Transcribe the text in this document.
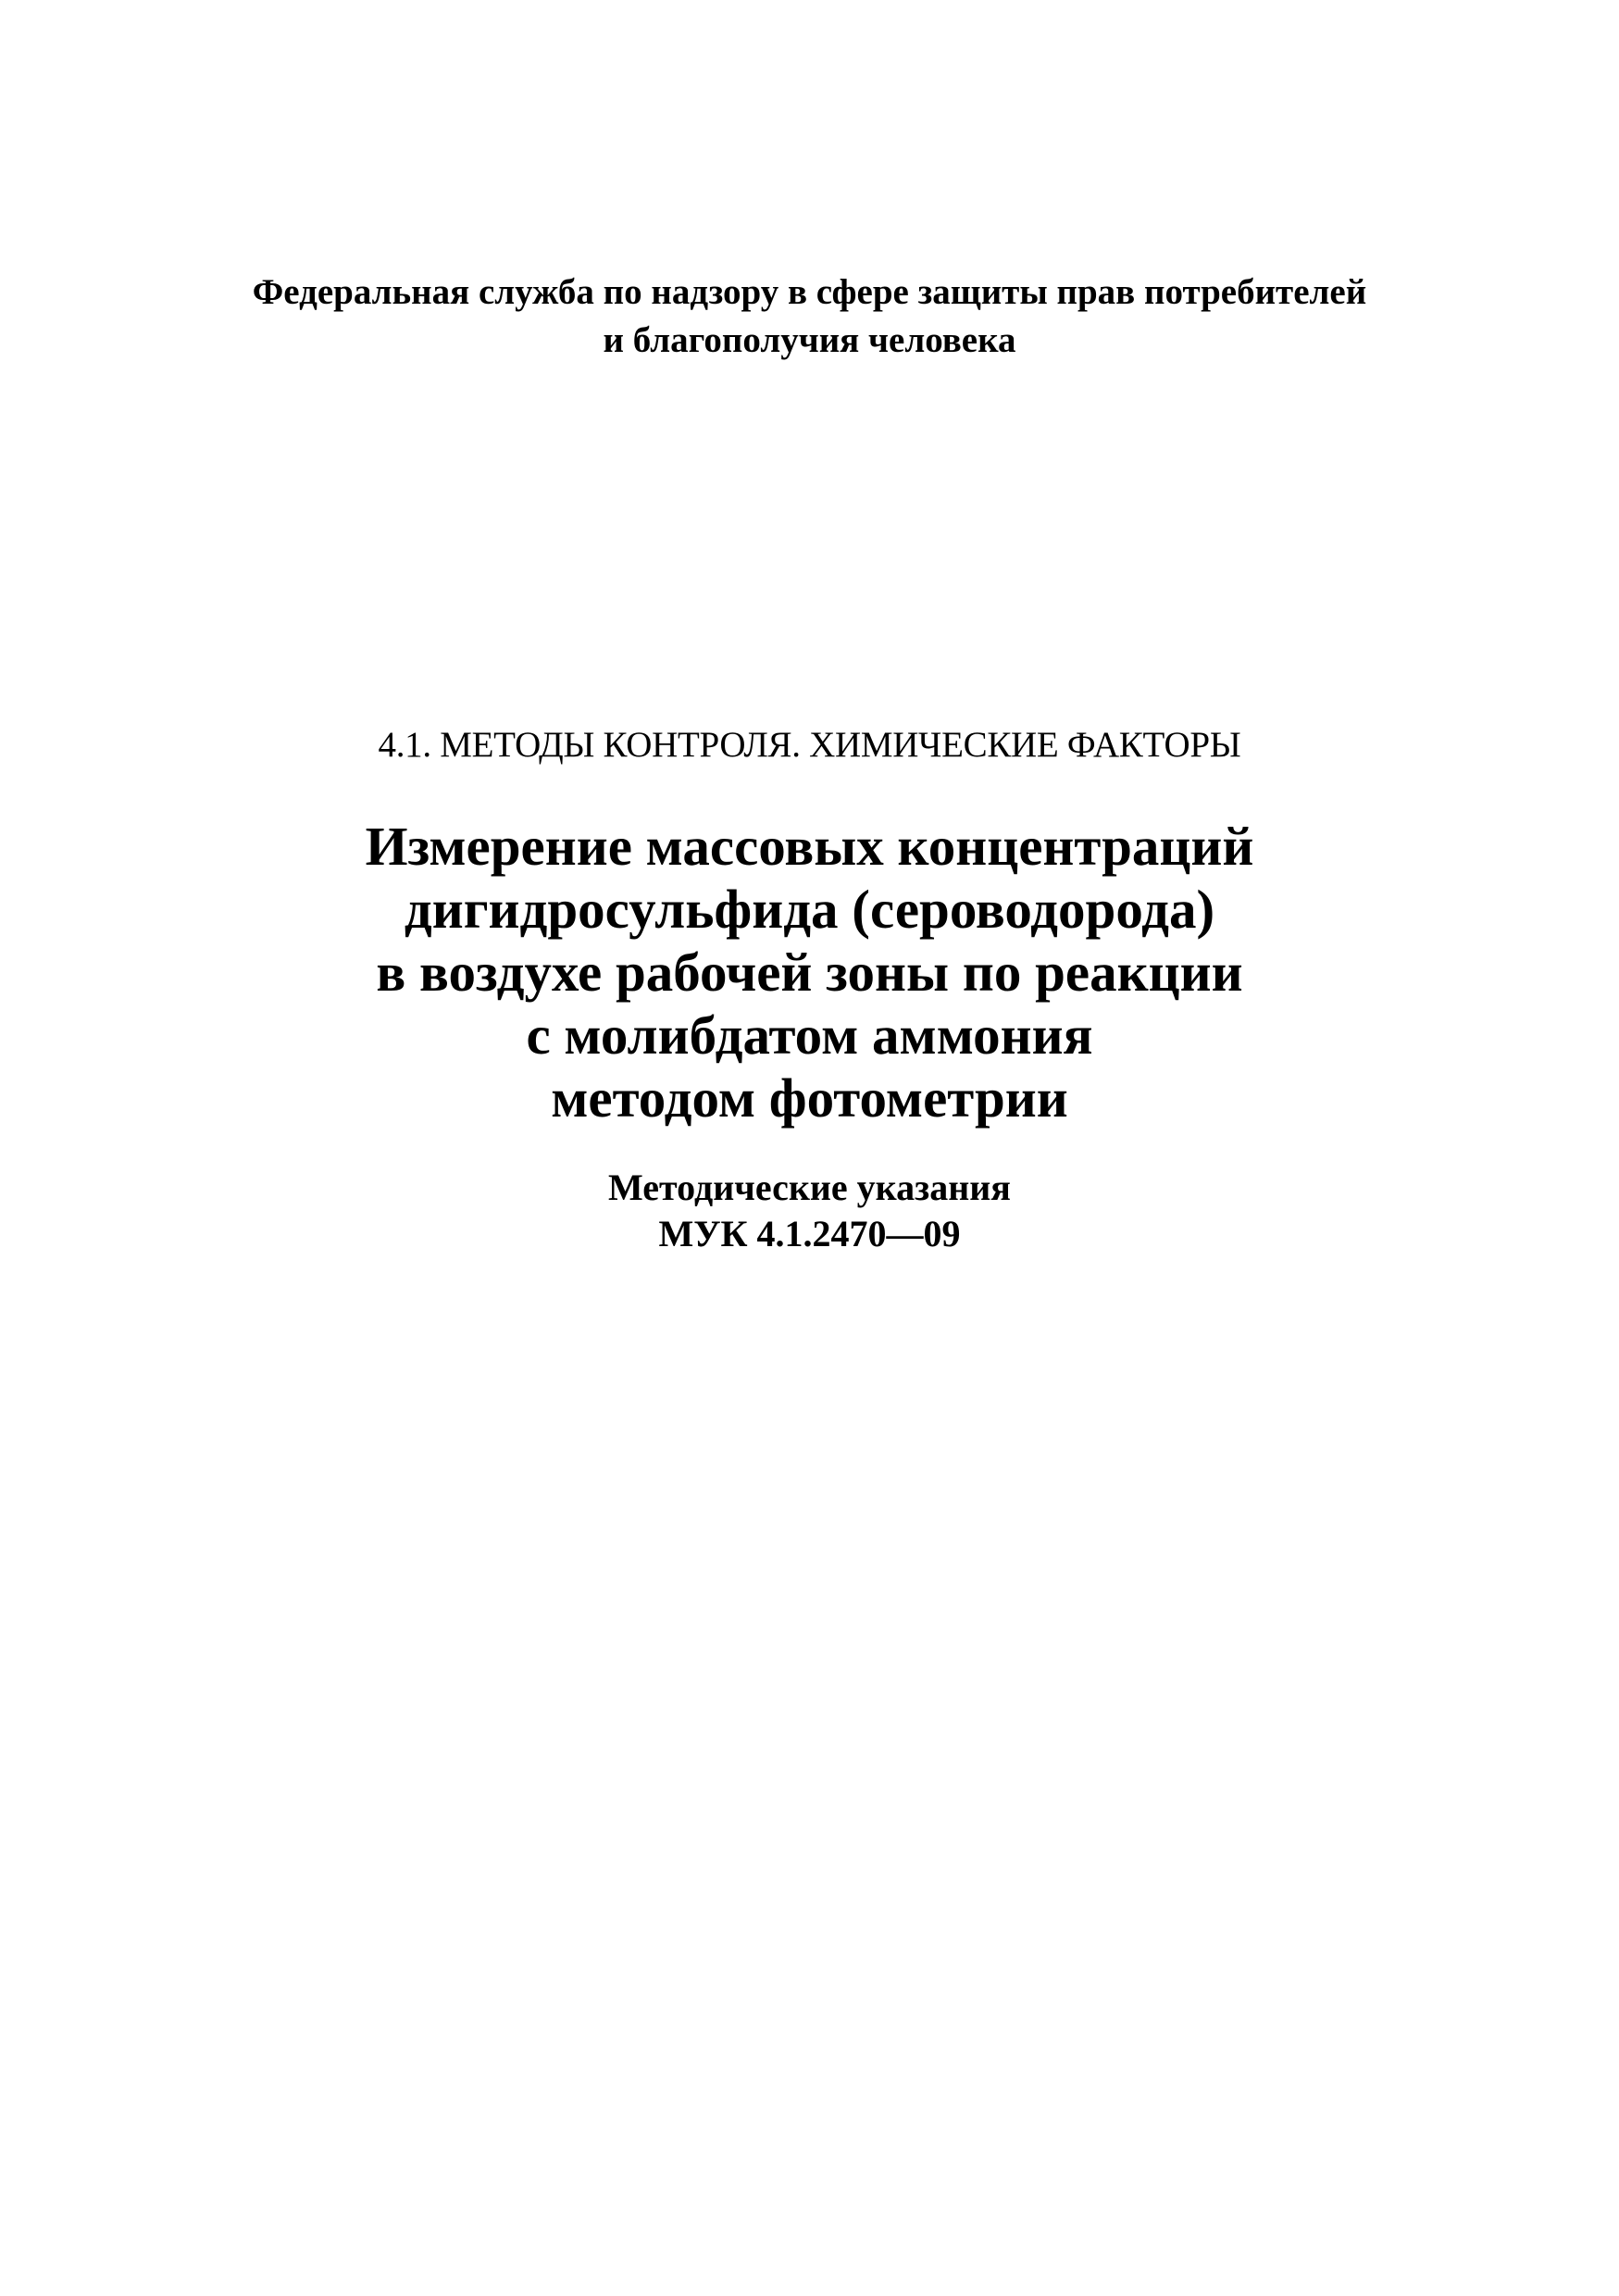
Федеральная служба по надзору в сфере защиты прав потребителей
и благополучия человека
4.1. МЕТОДЫ КОНТРОЛЯ. ХИМИЧЕСКИЕ ФАКТОРЫ
Измерение массовых концентраций
дигидросульфида (сероводорода)
в воздухе рабочей зоны по реакции
с молибдатом аммония
методом фотометрии
Методические указания
МУК 4.1.2470—09
